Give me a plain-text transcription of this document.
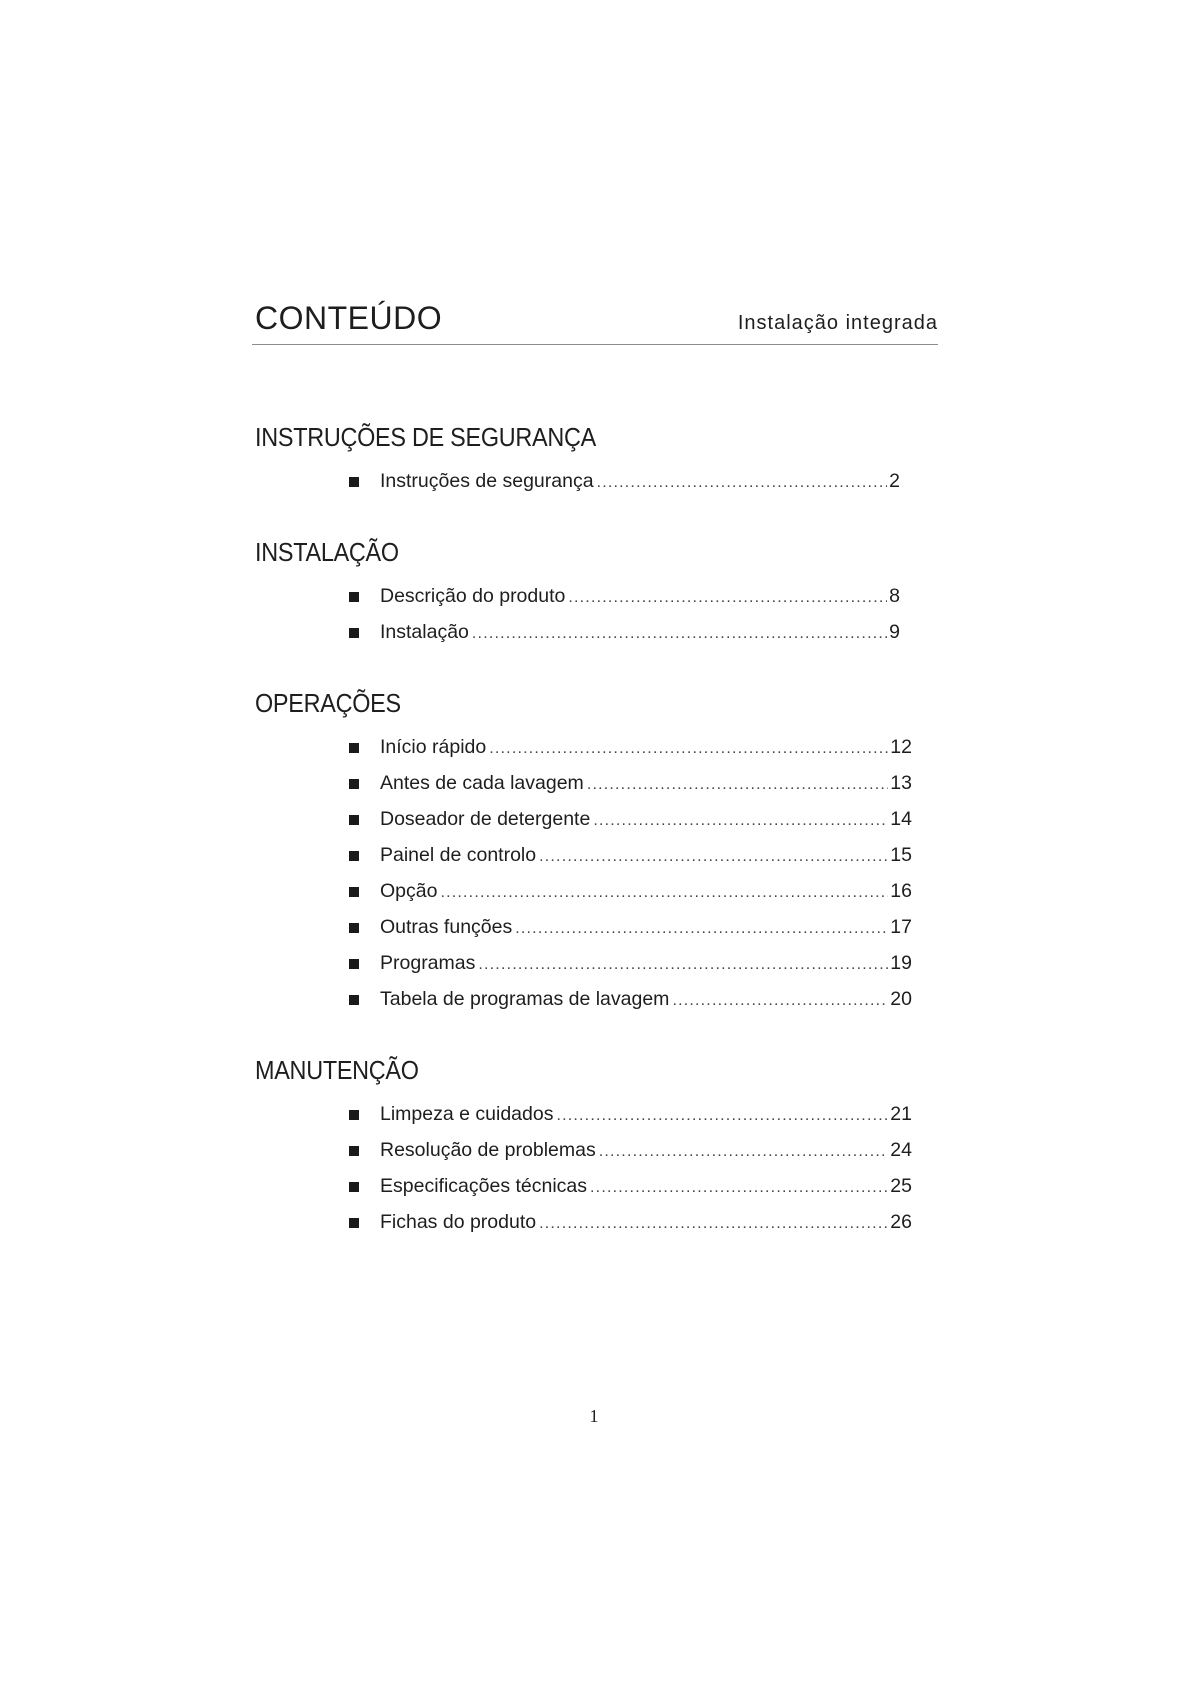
CONTEÚDO	Instalação integrada
INSTRUÇÕES DE SEGURANÇA
Instruções de segurança .....	2
INSTALAÇÃO
Descrição do produto .....	8
Instalação .....	9
OPERAÇÕES
Início rápido .....	12
Antes de cada lavagem .....	13
Doseador de detergente .....	14
Painel de controlo .....	15
Opção .....	16
Outras funções .....	17
Programas .....	19
Tabela de programas de lavagem .....	20
MANUTENÇÃO
Limpeza e cuidados .....	21
Resolução de problemas .....	24
Especificações técnicas .....	25
Fichas do produto .....	26
1
